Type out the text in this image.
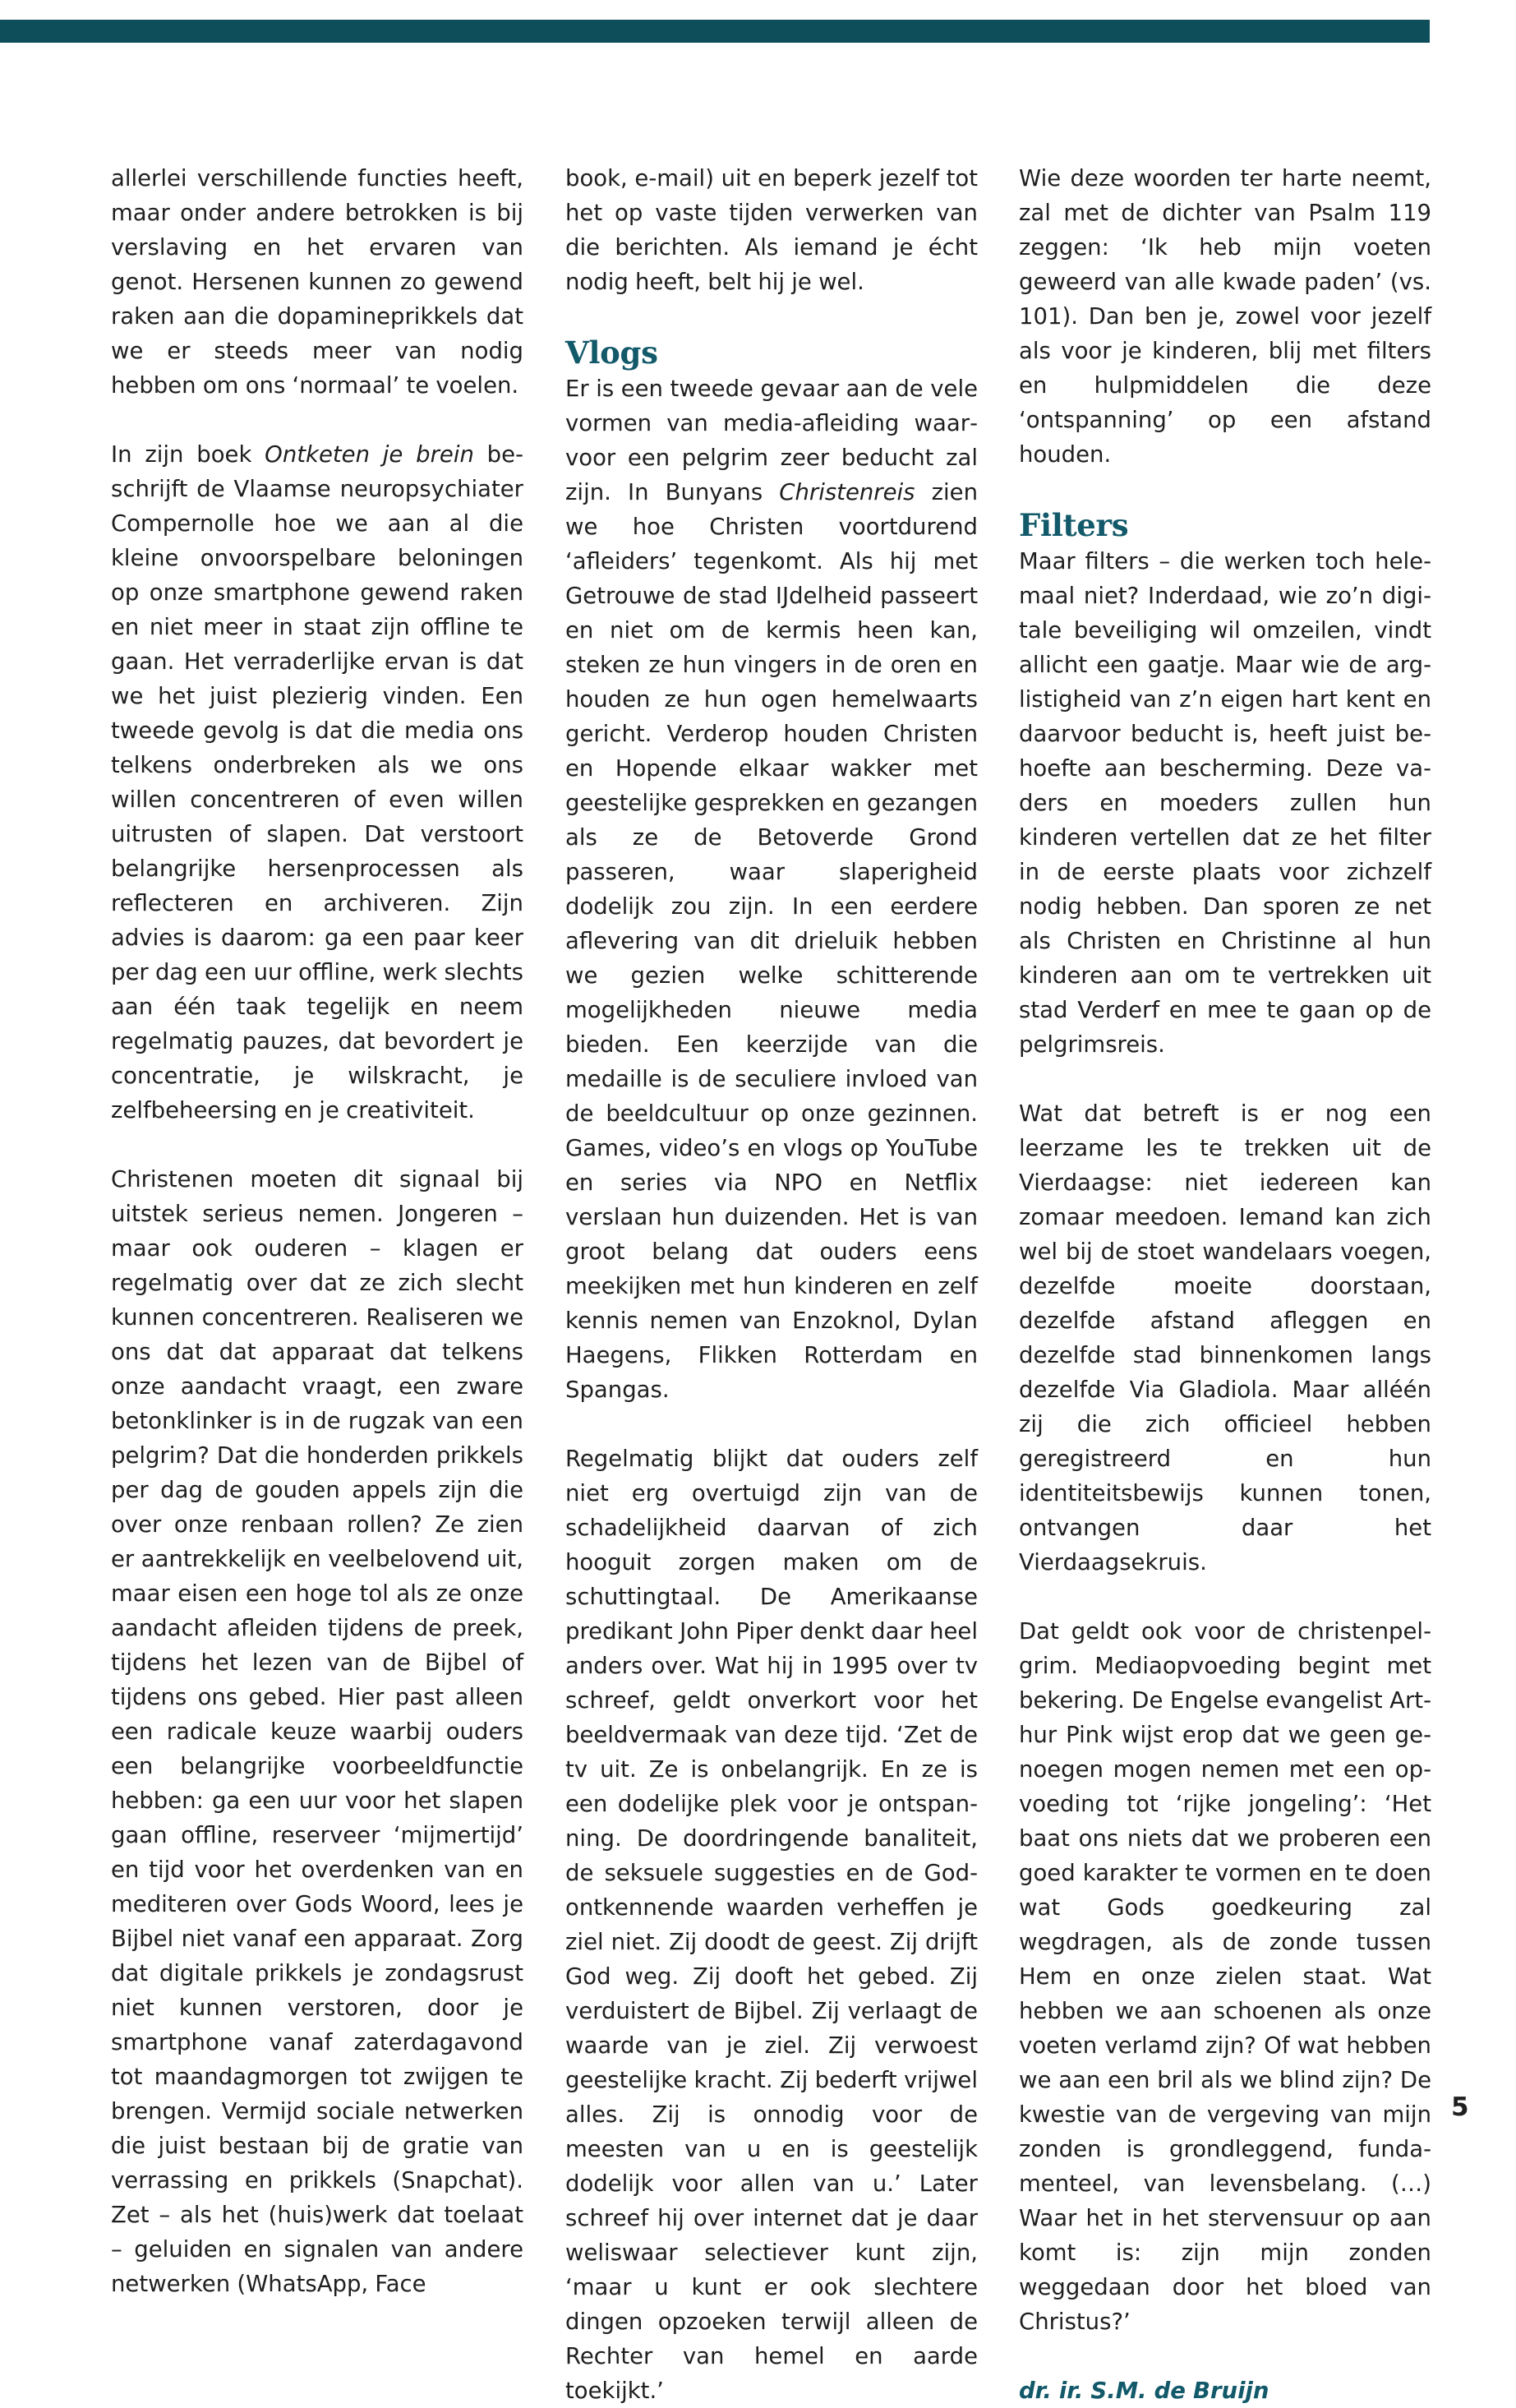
allerlei verschillende functies heeft, maar onder andere betrokken is bij verslaving en het ervaren van genot. Hersenen kunnen zo gewend raken aan die dopamineprikkels dat we er steeds meer van nodig hebben om ons ‘normaal’ te voelen.

In zijn boek Ontketen je brein beschrijft de Vlaamse neuropsychiater Compernolle hoe we aan al die kleine onvoorspelbare beloningen op onze smartphone gewend raken en niet meer in staat zijn offline te gaan. Het verraderlijke ervan is dat we het juist plezierig vinden. Een tweede gevolg is dat die media ons telkens onderbreken als we ons willen concentreren of even willen uitrusten of slapen. Dat verstoort belangrijke hersenprocessen als reflecteren en archiveren. Zijn advies is daarom: ga een paar keer per dag een uur offline, werk slechts aan één taak tegelijk en neem regelmatig pauzes, dat bevordert je concentratie, je wilskracht, je zelfbeheersing en je creativiteit.

Christenen moeten dit signaal bij uitstek serieus nemen. Jongeren – maar ook ouderen – klagen er regelmatig over dat ze zich slecht kunnen concentreren. Realiseren we ons dat dat apparaat dat telkens onze aandacht vraagt, een zware betonklinker is in de rugzak van een pelgrim? Dat die honderden prikkels per dag de gouden appels zijn die over onze renbaan rollen? Ze zien er aantrekkelijk en veelbelovend uit, maar eisen een hoge tol als ze onze aandacht afleiden tijdens de preek, tijdens het lezen van de Bijbel of tijdens ons gebed. Hier past alleen een radicale keuze waarbij ouders een belangrijke voorbeeldfunctie hebben: ga een uur voor het slapen gaan offline, reserveer ‘mijmertijd’ en tijd voor het overdenken van en mediteren over Gods Woord, lees je Bijbel niet vanaf een apparaat. Zorg dat digitale prikkels je zondagsrust niet kunnen verstoren, door je smartphone vanaf zaterdagavond tot maandagmorgen tot zwijgen te brengen. Vermijd sociale netwerken die juist bestaan bij de gratie van verrassing en prikkels (Snapchat). Zet – als het (huis)werk dat toelaat – geluiden en signalen van andere netwerken (WhatsApp, Face

book, e-mail) uit en beperk jezelf tot het op vaste tijden verwerken van die berichten. Als iemand je écht nodig heeft, belt hij je wel.

Vlogs

Er is een tweede gevaar aan de vele vormen van media-afleiding waarvoor een pelgrim zeer beducht zal zijn. In Bunyans Christenreis zien we hoe Christen voortdurend ‘afleiders’ tegenkomt. Als hij met Getrouwe de stad IJdelheid passeert en niet om de kermis heen kan, steken ze hun vingers in de oren en houden ze hun ogen hemelwaarts gericht. Verderop houden Christen en Hopende elkaar wakker met geestelijke gesprekken en gezangen als ze de Betoverde Grond passeren, waar slaperigheid dodelijk zou zijn. In een eerdere aflevering van dit drieluik hebben we gezien welke schitterende mogelijkheden nieuwe media bieden. Een keerzijde van die medaille is de seculiere invloed van de beeldcultuur op onze gezinnen. Games, video’s en vlogs op YouTube en series via NPO en Netflix verslaan hun duizenden. Het is van groot belang dat ouders eens meekijken met hun kinderen en zelf kennis nemen van Enzoknol, Dylan Haegens, Flikken Rotterdam en Spangas.

Regelmatig blijkt dat ouders zelf niet erg overtuigd zijn van de schadelijkheid daarvan of zich hooguit zorgen maken om de schuttingtaal. De Amerikaanse predikant John Piper denkt daar heel anders over. Wat hij in 1995 over tv schreef, geldt onverkort voor het beeldvermaak van deze tijd. ‘Zet de tv uit. Ze is onbelangrijk. En ze is een dodelijke plek voor je ontspanning. De doordringende banaliteit, de seksuele suggesties en de God-ontkennende waarden verheffen je ziel niet. Zij doodt de geest. Zij drijft God weg. Zij dooft het gebed. Zij verduistert de Bijbel. Zij verlaagt de waarde van je ziel. Zij verwoest geestelijke kracht. Zij bederft vrijwel alles. Zij is onnodig voor de meesten van u en is geestelijk dodelijk voor allen van u.’ Later schreef hij over internet dat je daar weliswaar selectiever kunt zijn, ‘maar u kunt er ook slechtere dingen opzoeken terwijl alleen de Rechter van hemel en aarde toekijkt.’

Wie deze woorden ter harte neemt, zal met de dichter van Psalm 119 zeggen: ‘Ik heb mijn voeten geweerd van alle kwade paden’ (vs. 101). Dan ben je, zowel voor jezelf als voor je kinderen, blij met filters en hulpmiddelen die deze ‘ontspanning’ op een afstand houden.

Filters

Maar filters – die werken toch helemaal niet? Inderdaad, wie zo’n digitale beveiliging wil omzeilen, vindt allicht een gaatje. Maar wie de arglistigheid van z’n eigen hart kent en daarvoor beducht is, heeft juist behoefte aan bescherming. Deze vaders en moeders zullen hun kinderen vertellen dat ze het filter in de eerste plaats voor zichzelf nodig hebben. Dan sporen ze net als Christen en Christinne al hun kinderen aan om te vertrekken uit stad Verderf en mee te gaan op de pelgrimsreis.

Wat dat betreft is er nog een leerzame les te trekken uit de Vierdaagse: niet iedereen kan zomaar meedoen. Iemand kan zich wel bij de stoet wandelaars voegen, dezelfde moeite doorstaan, dezelfde afstand afleggen en dezelfde stad binnenkomen langs dezelfde Via Gladiola. Maar alléén zij die zich officieel hebben geregistreerd en hun identiteitsbewijs kunnen tonen, ontvangen daar het Vierdaagsekruis.

Dat geldt ook voor de christenpelgrim. Mediaopvoeding begint met bekering. De Engelse evangelist Arthur Pink wijst erop dat we geen genoegen mogen nemen met een opvoeding tot ‘rijke jongeling’: ‘Het baat ons niets dat we proberen een goed karakter te vormen en te doen wat Gods goedkeuring zal wegdragen, als de zonde tussen Hem en onze zielen staat. Wat hebben we aan schoenen als onze voeten verlamd zijn? Of wat hebben we aan een bril als we blind zijn? De kwestie van de vergeving van mijn zonden is grondleggend, fundamenteel, van levensbelang. (…) Waar het in het stervensuur op aan komt is: zijn mijn zonden weggedaan door het bloed van Christus?’

dr. ir. S.M. de Bruijn
5
